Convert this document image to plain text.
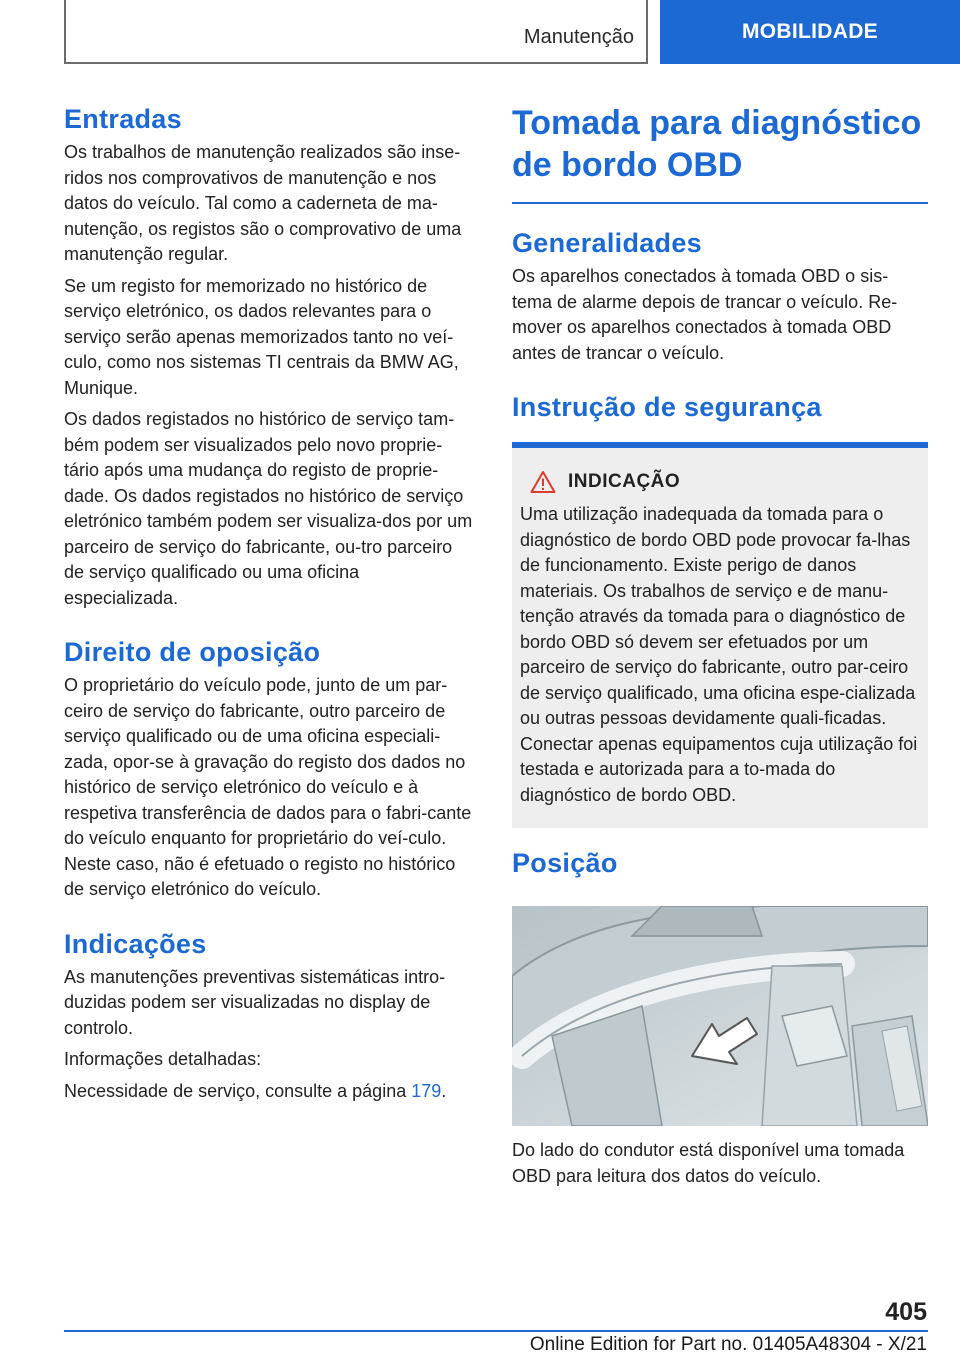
Manutenção	MOBILIDADE
Entradas

Os trabalhos de manutenção realizados são inse-ridos nos comprovativos de manutenção e nos datos do veículo. Tal como a caderneta de ma-nutenção, os registos são o comprovativo de uma manutenção regular.

Se um registo for memorizado no histórico de serviço eletrónico, os dados relevantes para o serviço serão apenas memorizados tanto no veí-culo, como nos sistemas TI centrais da BMW AG, Munique.

Os dados registados no histórico de serviço tam-bém podem ser visualizados pelo novo proprie-tário após uma mudança do registo de proprie-dade. Os dados registados no histórico de serviço eletrónico também podem ser visualiza-dos por um parceiro de serviço do fabricante, ou-tro parceiro de serviço qualificado ou uma oficina especializada.

Direito de oposição

O proprietário do veículo pode, junto de um par-ceiro de serviço do fabricante, outro parceiro de serviço qualificado ou de uma oficina especiali-zada, opor-se à gravação do registo dos dados no histórico de serviço eletrónico do veículo e à respetiva transferência de dados para o fabri-cante do veículo enquanto for proprietário do veí-culo. Neste caso, não é efetuado o registo no histórico de serviço eletrónico do veículo.

Indicações

As manutenções preventivas sistemáticas intro-duzidas podem ser visualizadas no display de controlo.

Informações detalhadas:

Necessidade de serviço, consulte a página 179.

Tomada para diagnóstico de bordo OBD
Generalidades

Os aparelhos conectados à tomada OBD o sis-tema de alarme depois de trancar o veículo. Re-mover os aparelhos conectados à tomada OBD antes de trancar o veículo.

Instrução de segurança
INDICAÇÃO

Uma utilização inadequada da tomada para o diagnóstico de bordo OBD pode provocar fa-lhas de funcionamento. Existe perigo de danos materiais. Os trabalhos de serviço e de manu-tenção através da tomada para o diagnóstico de bordo OBD só devem ser efetuados por um parceiro de serviço do fabricante, outro par-ceiro de serviço qualificado, uma oficina espe-cializada ou outras pessoas devidamente quali-ficadas. Conectar apenas equipamentos cuja utilização foi testada e autorizada para a to-mada do diagnóstico de bordo OBD.

Posição

Do lado do condutor está disponível uma tomada OBD para leitura dos datos do veículo.

405
Online Edition for Part no. 01405A48304 - X/21
